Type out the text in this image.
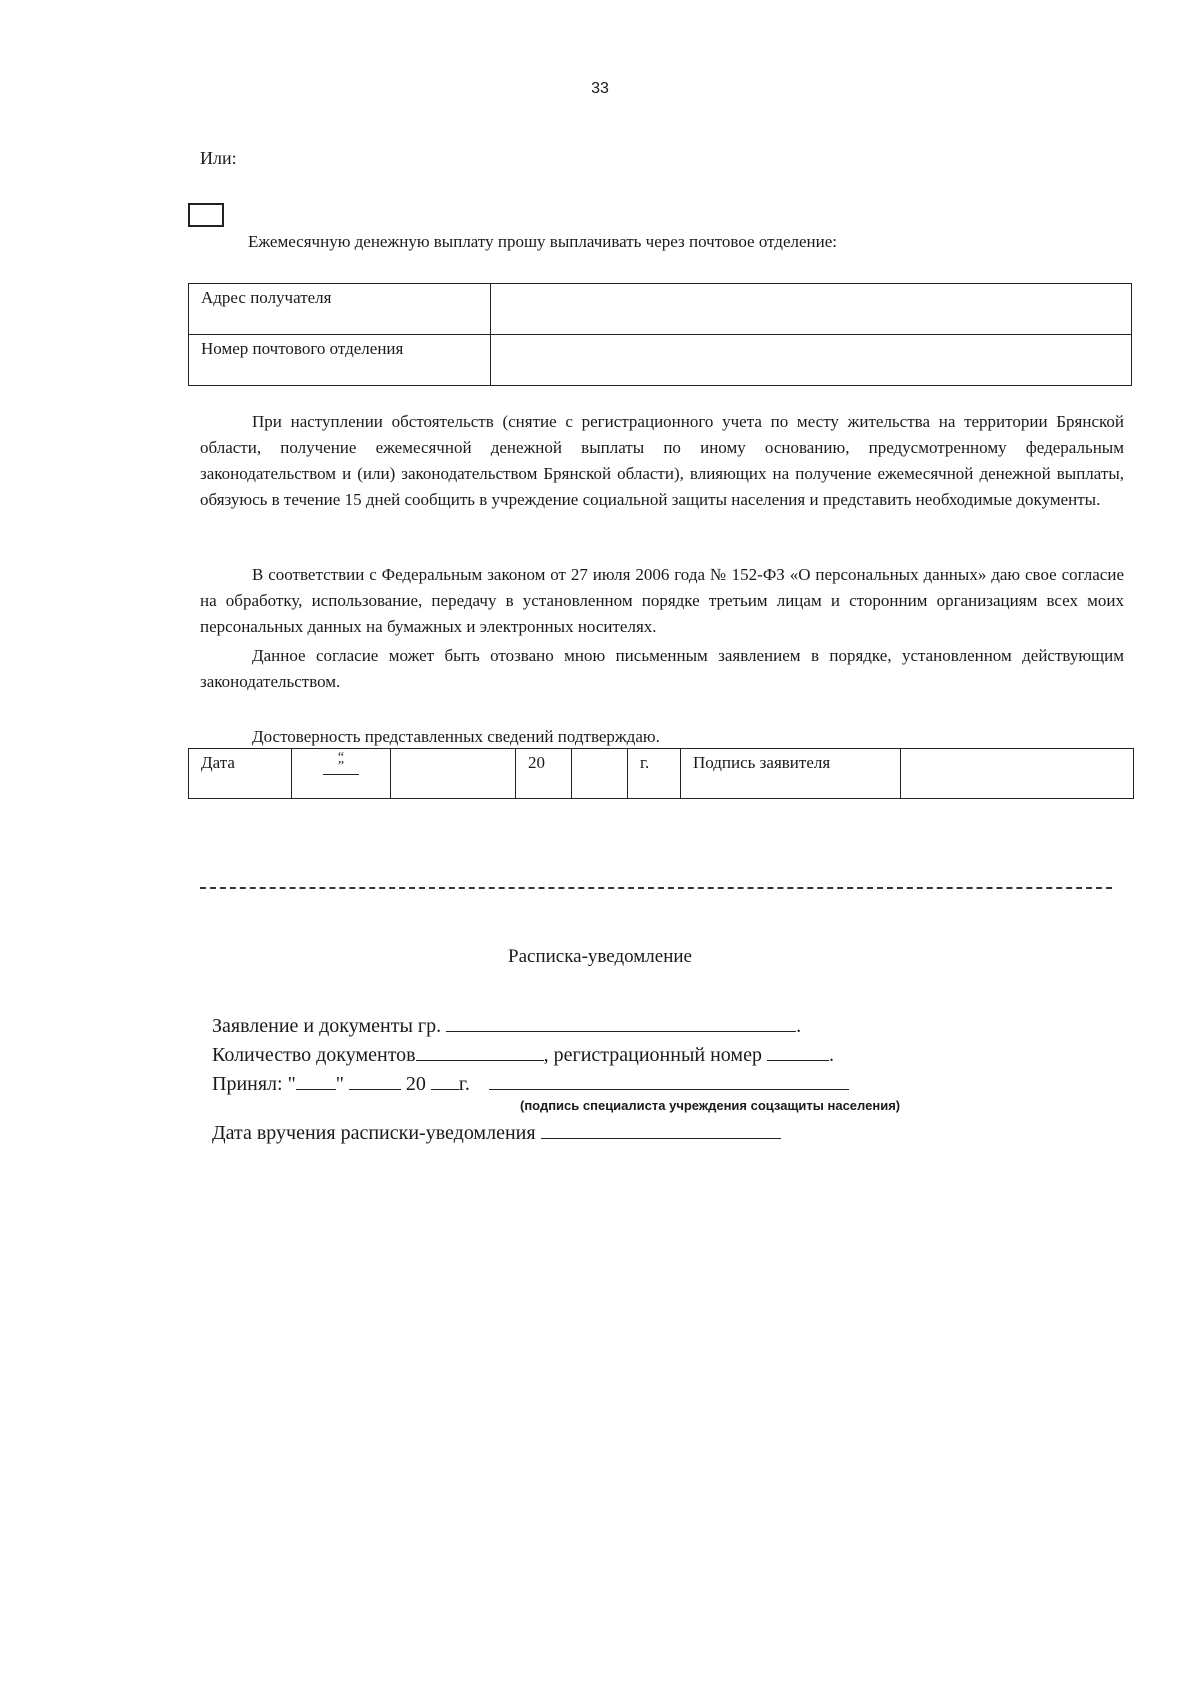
33
Или:
Ежемесячную денежную выплату прошу выплачивать через почтовое отделение:
Адрес получателя	
Номер почтового отделения	

При наступлении обстоятельств (снятие с регистрационного учета по месту жительства на территории Брянской области, получение ежемесячной денежной выплаты по иному основанию, предусмотренному федеральным законодательством и (или) законодательством Брянской области), влияющих на получение ежемесячной денежной выплаты, обязуюсь в течение 15 дней сообщить в учреждение социальной защиты населения и представить необходимые документы.

В соответствии с Федеральным законом от 27 июля 2006 года № 152-ФЗ «О персональных данных» даю свое согласие на обработку, использование, передачу в установленном порядке третьим лицам и сторонним организациям всех моих персональных данных на бумажных и электронных носителях.

Данное согласие может быть отозвано мною письменным заявлением в порядке, установленном действующим законодательством.

Достоверность представленных сведений подтверждаю.
Дата	“ ”		20		г.	Подпись заявителя	
Расписка-уведомление
Заявление и документы гр.	.
Количество документов	, регистрационный номер	.
Принял: " "	20 г.
(подпись специалиста учреждения соцзащиты населения)
Дата вручения расписки-уведомления
